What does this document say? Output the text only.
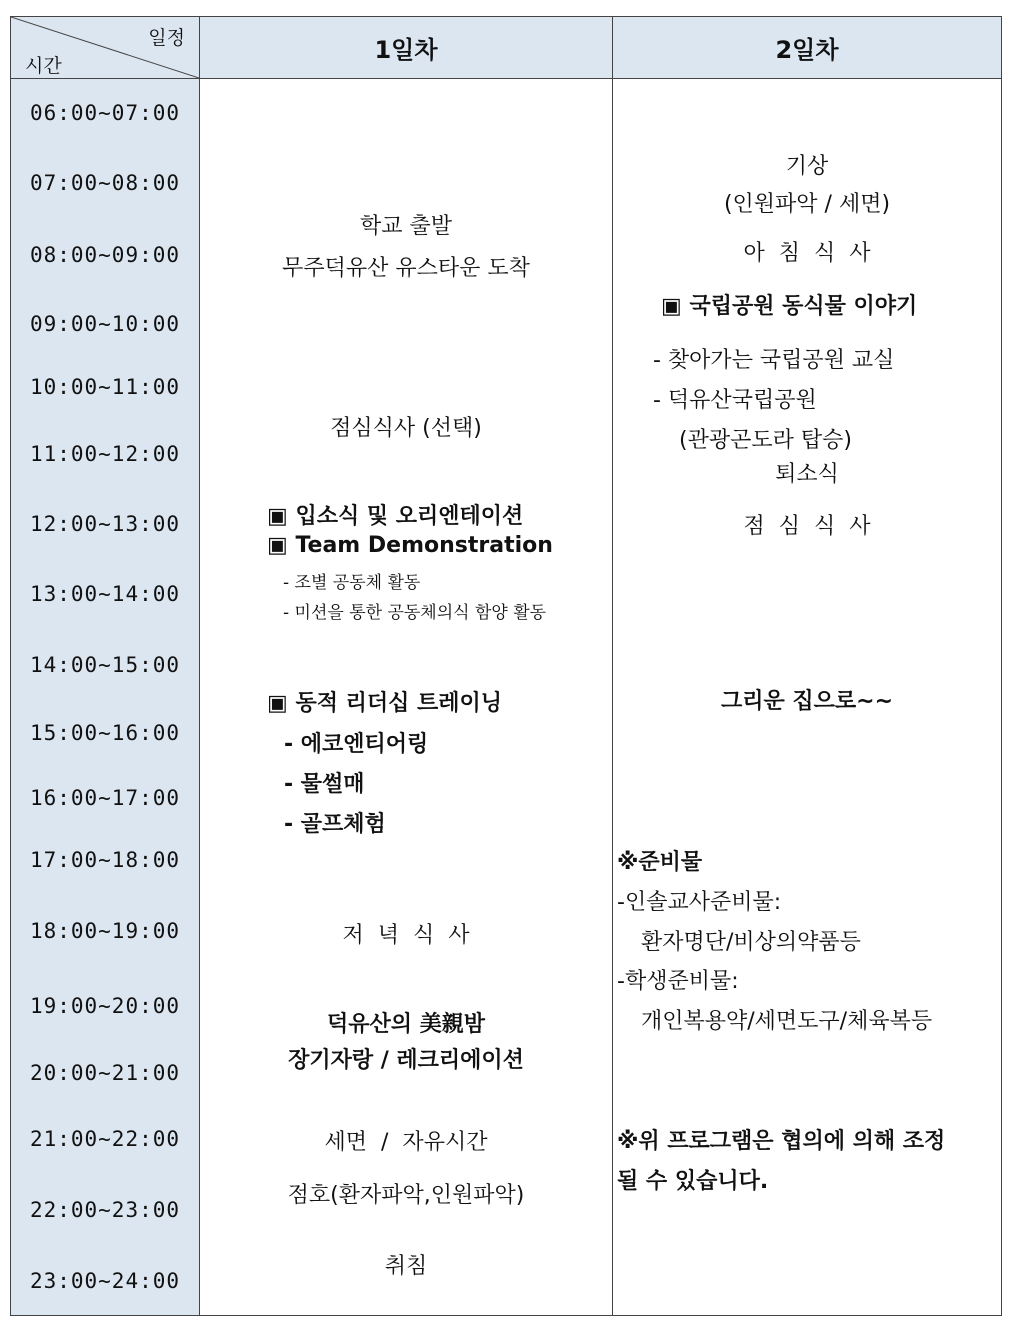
일정
시간
1일차	2일차
06:00~07:00
07:00~08:00
08:00~09:00
09:00~10:00
10:00~11:00
11:00~12:00
12:00~13:00
13:00~14:00
14:00~15:00
15:00~16:00
16:00~17:00
17:00~18:00
18:00~19:00
19:00~20:00
20:00~21:00
21:00~22:00
22:00~23:00
23:00~24:00
학교 출발
무주덕유산 유스타운 도착
점심식사 (선택)
▣ 입소식 및 오리엔테이션
▣ Team Demonstration
- 조별 공동체 활동
- 미션을 통한 공동체의식 함양 활동
▣ 동적 리더십 트레이닝
- 에코엔티어링
- 물썰매
- 골프체험
저  녁  식  사
덕유산의 美親밤
장기자랑 / 레크리에이션
세면  /  자유시간
점호(환자파악,인원파악)
취침
기상
(인원파악 / 세면)
아  침  식  사
▣ 국립공원 동식물 이야기
- 찾아가는 국립공원 교실
- 덕유산국립공원
(관광곤도라 탑승)
퇴소식
점  심  식  사
그리운 집으로~~
※준비물
-인솔교사준비물:
환자명단/비상의약품등
-학생준비물:
개인복용약/세면도구/체육복등
※위 프로그램은 협의에 의해 조정
될 수 있습니다.
